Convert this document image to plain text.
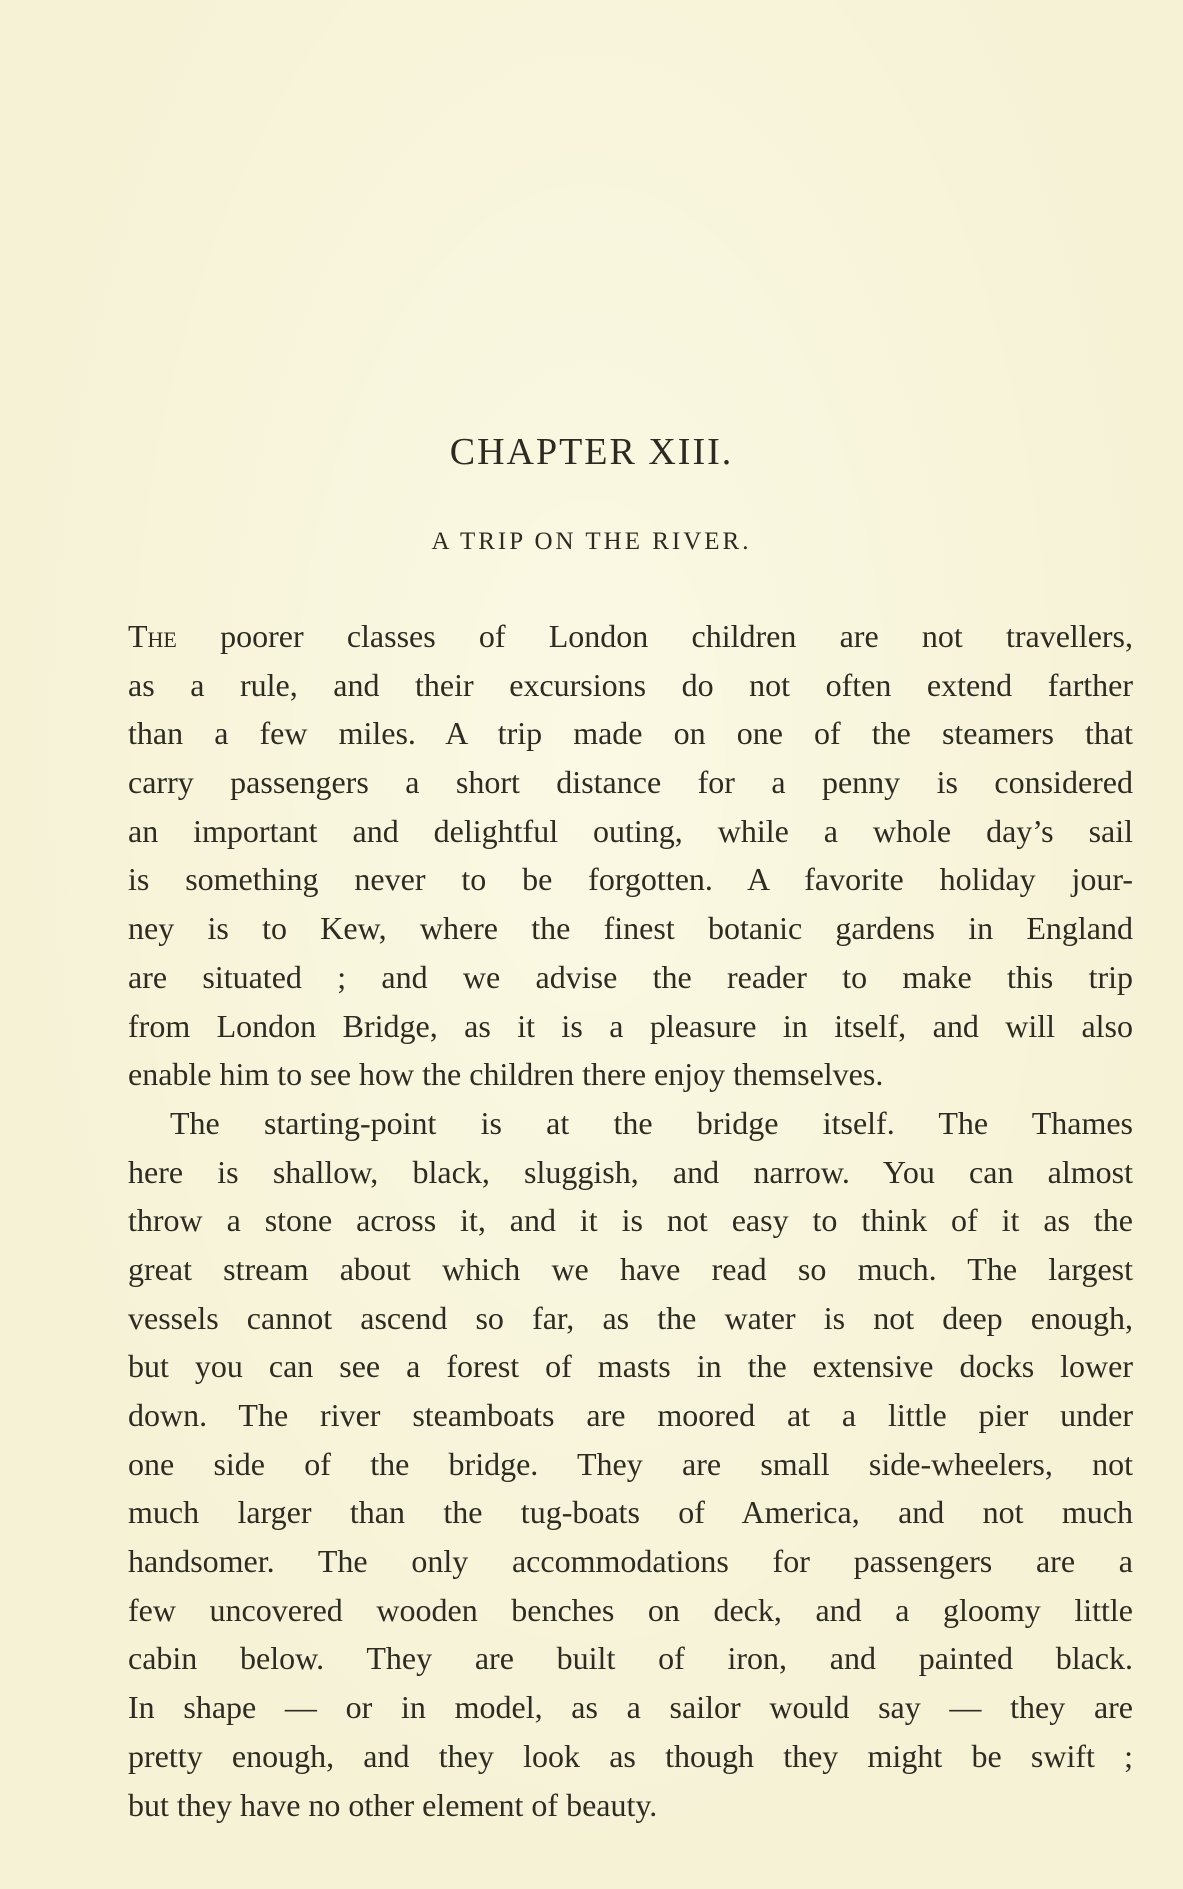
CHAPTER XIII.
A TRIP ON THE RIVER.
The poorer classes of London children are not travellers,
as a rule, and their excursions do not often extend farther
than a few miles. A trip made on one of the steamers that
carry passengers a short distance for a penny is considered
an important and delightful outing, while a whole day’s sail
is something never to be forgotten. A favorite holiday jour-
ney is to Kew, where the finest botanic gardens in England
are situated ; and we advise the reader to make this trip
from London Bridge, as it is a pleasure in itself, and will also
enable him to see how the children there enjoy themselves.
The starting-point is at the bridge itself. The Thames
here is shallow, black, sluggish, and narrow. You can almost
throw a stone across it, and it is not easy to think of it as the
great stream about which we have read so much. The largest
vessels cannot ascend so far, as the water is not deep enough,
but you can see a forest of masts in the extensive docks lower
down. The river steamboats are moored at a little pier under
one side of the bridge. They are small side-wheelers, not
much larger than the tug-boats of America, and not much
handsomer. The only accommodations for passengers are a
few uncovered wooden benches on deck, and a gloomy little
cabin below. They are built of iron, and painted black.
In shape — or in model, as a sailor would say — they are
pretty enough, and they look as though they might be swift ;
but they have no other element of beauty.
